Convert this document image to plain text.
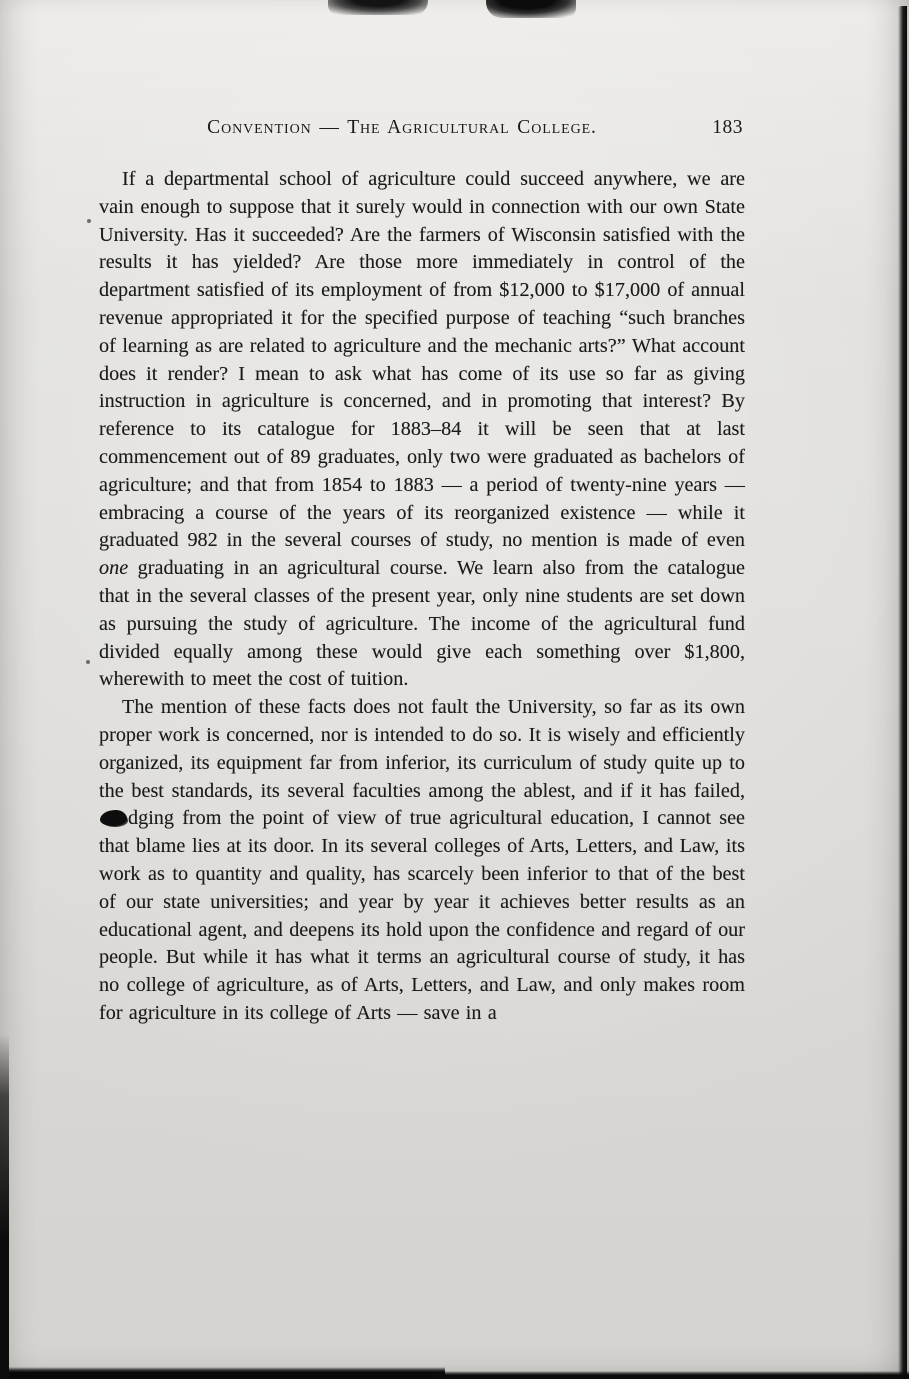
Convention — The Agricultural College.	183

If a departmental school of agriculture could succeed anywhere, we are vain enough to suppose that it surely would in connection with our own State University. Has it succeeded? Are the farmers of Wisconsin satisfied with the results it has yielded? Are those more immediately in control of the department satisfied of its employment of from $12,000 to $17,000 of annual revenue appropriated it for the specified purpose of teaching “such branches of learning as are related to agriculture and the mechanic arts?” What account does it render? I mean to ask what has come of its use so far as giving instruction in agriculture is concerned, and in promoting that interest? By reference to its catalogue for 1883–84 it will be seen that at last commencement out of 89 graduates, only two were graduated as bachelors of agriculture; and that from 1854 to 1883 — a period of twenty-nine years — embracing a course of the years of its reorganized existence — while it graduated 982 in the several courses of study, no mention is made of even one graduating in an agricultural course. We learn also from the catalogue that in the several classes of the present year, only nine students are set down as pursuing the study of agriculture. The income of the agricultural fund divided equally among these would give each something over $1,800, wherewith to meet the cost of tuition.

The mention of these facts does not fault the University, so far as its own proper work is concerned, nor is intended to do so. It is wisely and efficiently organized, its equipment far from inferior, its curriculum of study quite up to the best standards, its several faculties among the ablest, and if it has failed,dging from the point of view of true agricultural education, I cannot see that blame lies at its door. In its several colleges of Arts, Letters, and Law, its work as to quantity and quality, has scarcely been inferior to that of the best of our state universities; and year by year it achieves better results as an educational agent, and deepens its hold upon the confidence and regard of our people. But while it has what it terms an agricultural course of study, it has no college of agriculture, as of Arts, Letters, and Law, and only makes room for agriculture in its college of Arts — save in a
